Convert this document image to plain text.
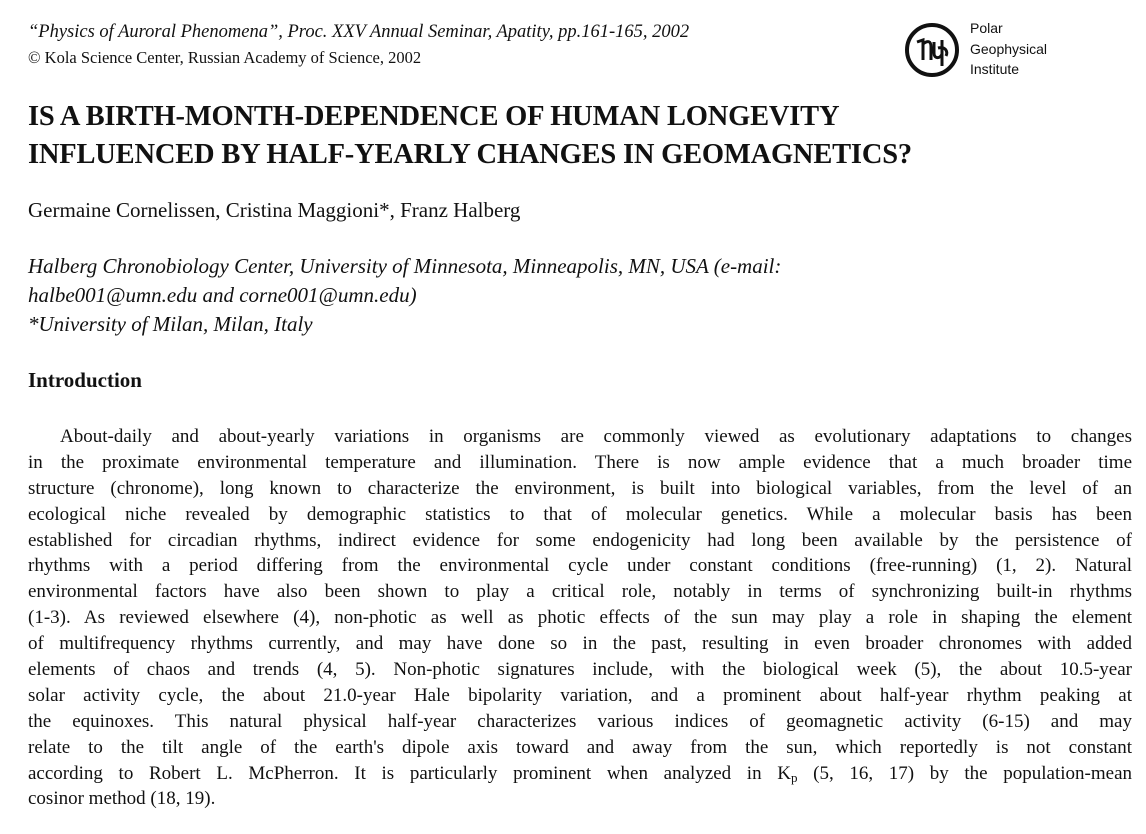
“Physics of Auroral Phenomena”, Proc. XXV Annual Seminar, Apatity, pp.161-165, 2002
© Kola Science Center, Russian Academy of Science, 2002
Polar
Geophysical
Institute
IS A BIRTH-MONTH-DEPENDENCE OF HUMAN LONGEVITY
INFLUENCED BY HALF-YEARLY CHANGES IN GEOMAGNETICS?
Germaine Cornelissen, Cristina Maggioni*, Franz Halberg
Halberg Chronobiology Center, University of Minnesota, Minneapolis, MN, USA (e-mail:
halbe001@umn.edu and corne001@umn.edu)
*University of Milan, Milan, Italy
Introduction
About-daily and about-yearly variations in organisms are commonly viewed as evolutionary adaptations to changes
in the proximate environmental temperature and illumination. There is now ample evidence that a much broader time
structure (chronome), long known to characterize the environment, is built into biological variables, from the level of an
ecological niche revealed by demographic statistics to that of molecular genetics. While a molecular basis has been
established for circadian rhythms, indirect evidence for some endogenicity had long been available by the persistence of
rhythms with a period differing from the environmental cycle under constant conditions (free-running) (1, 2). Natural
environmental factors have also been shown to play a critical role, notably in terms of synchronizing built-in rhythms
(1-3). As reviewed elsewhere (4), non-photic as well as photic effects of the sun may play a role in shaping the element
of multifrequency rhythms currently, and may have done so in the past, resulting in even broader chronomes with added
elements of chaos and trends (4, 5). Non-photic signatures include, with the biological week (5), the about 10.5-year
solar activity cycle, the about 21.0-year Hale bipolarity variation, and a prominent about half-year rhythm peaking at
the equinoxes. This natural physical half-year characterizes various indices of geomagnetic activity (6-15) and may
relate to the tilt angle of the earth's dipole axis toward and away from the sun, which reportedly is not constant
according to Robert L. McPherron. It is particularly prominent when analyzed in $K_p$ (5, 16, 17) by the population-mean
cosinor method (18, 19).
